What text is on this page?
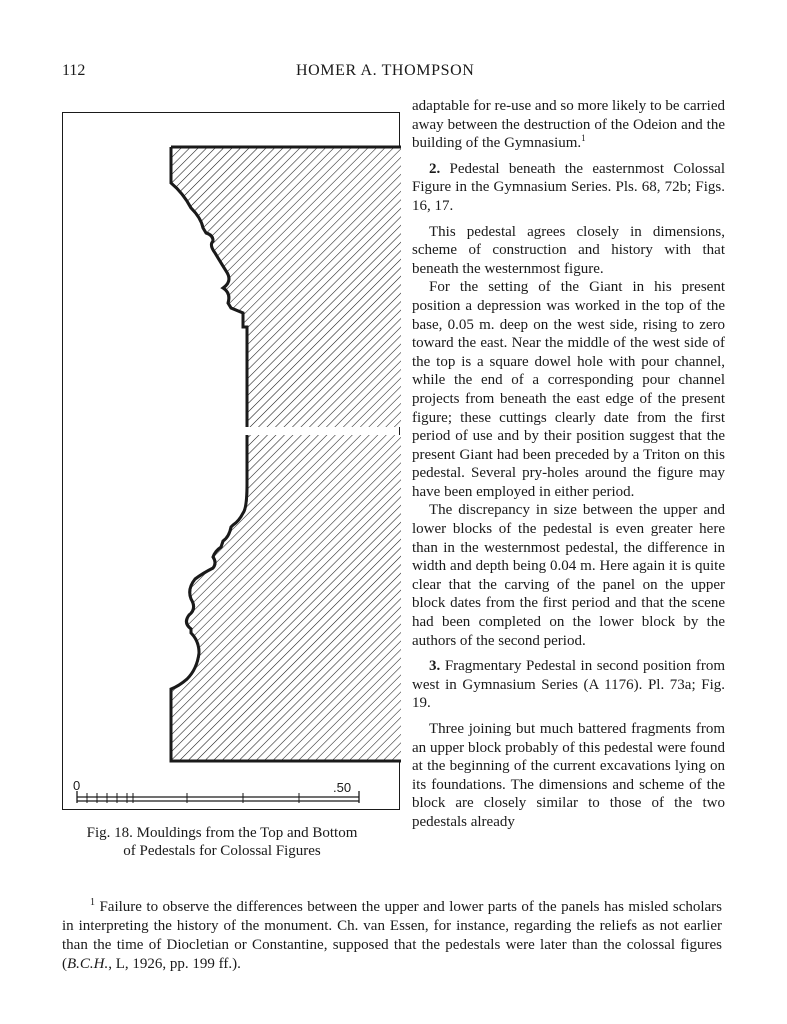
112	HOMER A. THOMPSON
0	.50
Fig. 18. Mouldings from the Top and Bottom
of Pedestals for Colossal Figures

adaptable for re-use and so more likely to be carried away between the destruction of the Odeion and the building of the Gymnasium.$^1$

2. Pedestal beneath the easternmost Colossal Figure in the Gymnasium Series. Pls. 68, 72b; Figs. 16, 17.

This pedestal agrees closely in dimensions, scheme of construction and history with that beneath the westernmost figure.

For the setting of the Giant in his present position a depression was worked in the top of the base, 0.05 m. deep on the west side, rising to zero toward the east. Near the middle of the west side of the top is a square dowel hole with pour channel, while the end of a corresponding pour channel projects from beneath the east edge of the present figure; these cuttings clearly date from the first period of use and by their position suggest that the present Giant had been preceded by a Triton on this pedestal. Several pry-holes around the figure may have been employed in either period.

The discrepancy in size between the upper and lower blocks of the pedestal is even greater here than in the westernmost pedestal, the difference in width and depth being 0.04 m. Here again it is quite clear that the carving of the panel on the upper block dates from the first period and that the scene had been completed on the lower block by the authors of the second period.

3. Fragmentary Pedestal in second position from west in Gymnasium Series (A 1176). Pl. 73a; Fig. 19.

Three joining but much battered fragments from an upper block probably of this pedestal were found at the beginning of the current excavations lying on its foundations. The dimensions and scheme of the block are closely similar to those of the two pedestals already

$^1$ Failure to observe the differences between the upper and lower parts of the panels has misled scholars in interpreting the history of the monument. Ch. van Essen, for instance, regarding the reliefs as not earlier than the time of Diocletian or Constantine, supposed that the pedestals were later than the colossal figures (B.C.H., L, 1926, pp. 199 ff.).
